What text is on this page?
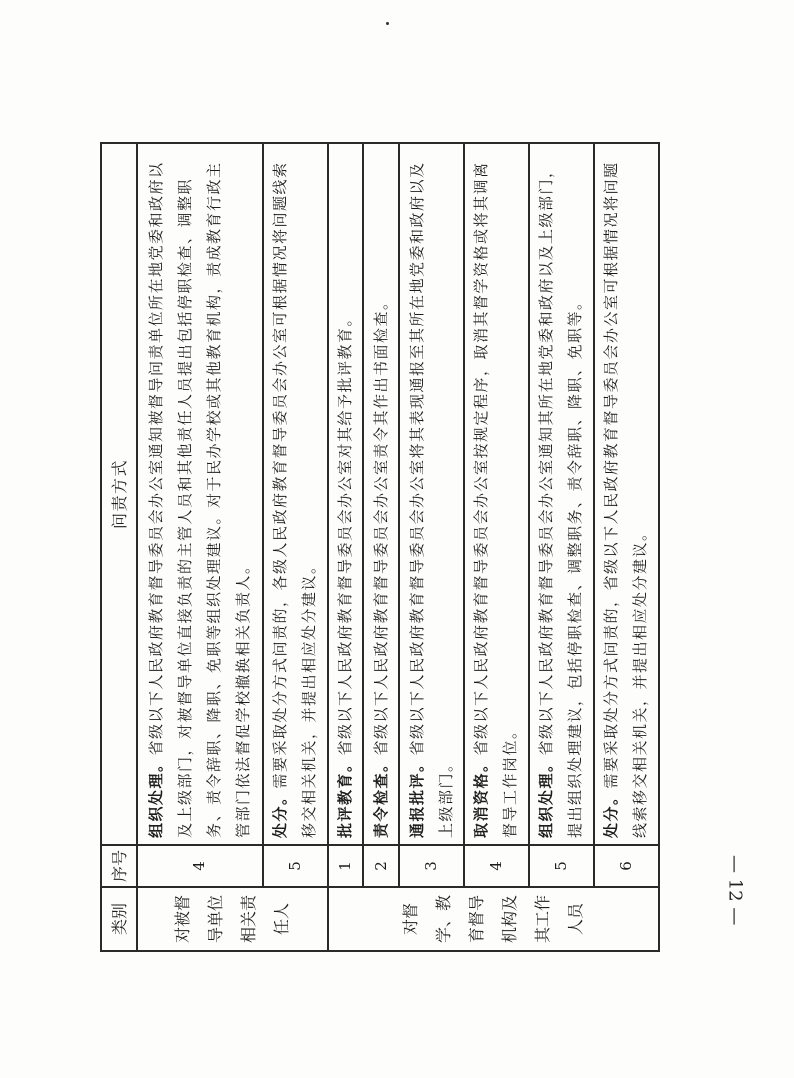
类别	序号	问责方式
对被督导单位相关责任人	4	组织处理。省级以下人民政府教育督导委员会办公室通知被督导问责单位所在地党委和政府以及上级部门，对被督导单位直接负责的主管人员和其他责任人员提出包括停职检查、调整职务、责令辞职、降职、免职等组织处理建议。对于民办学校或其他教育机构，责成教育行政主管部门依法督促学校撤换相关负责人。
	5	处分。需要采取处分方式问责的，各级人民政府教育督导委员会办公室可根据情况将问题线索移交相关机关，并提出相应处分建议。
对督学、教育督导机构及其工作人员	1	批评教育。省级以下人民政府教育督导委员会办公室对其给予批评教育。
	2	责令检查。省级以下人民政府教育督导委员会办公室责令其作出书面检查。
	3	通报批评。省级以下人民政府教育督导委员会办公室将其表现通报至其所在地党委和政府以及上级部门。
	4	取消资格。省级以下人民政府教育督导委员会办公室按规定程序，取消其督学资格或将其调离督导工作岗位。
	5	组织处理。省级以下人民政府教育督导委员会办公室通知其所在地党委和政府以及上级部门，提出组织处理建议，包括停职检查、调整职务、责令辞职、降职、免职等。
	6	处分。需要采取处分方式问责的，省级以下人民政府教育督导委员会办公室可根据情况将问题线索移交相关机关，并提出相应处分建议。
— 12 —
